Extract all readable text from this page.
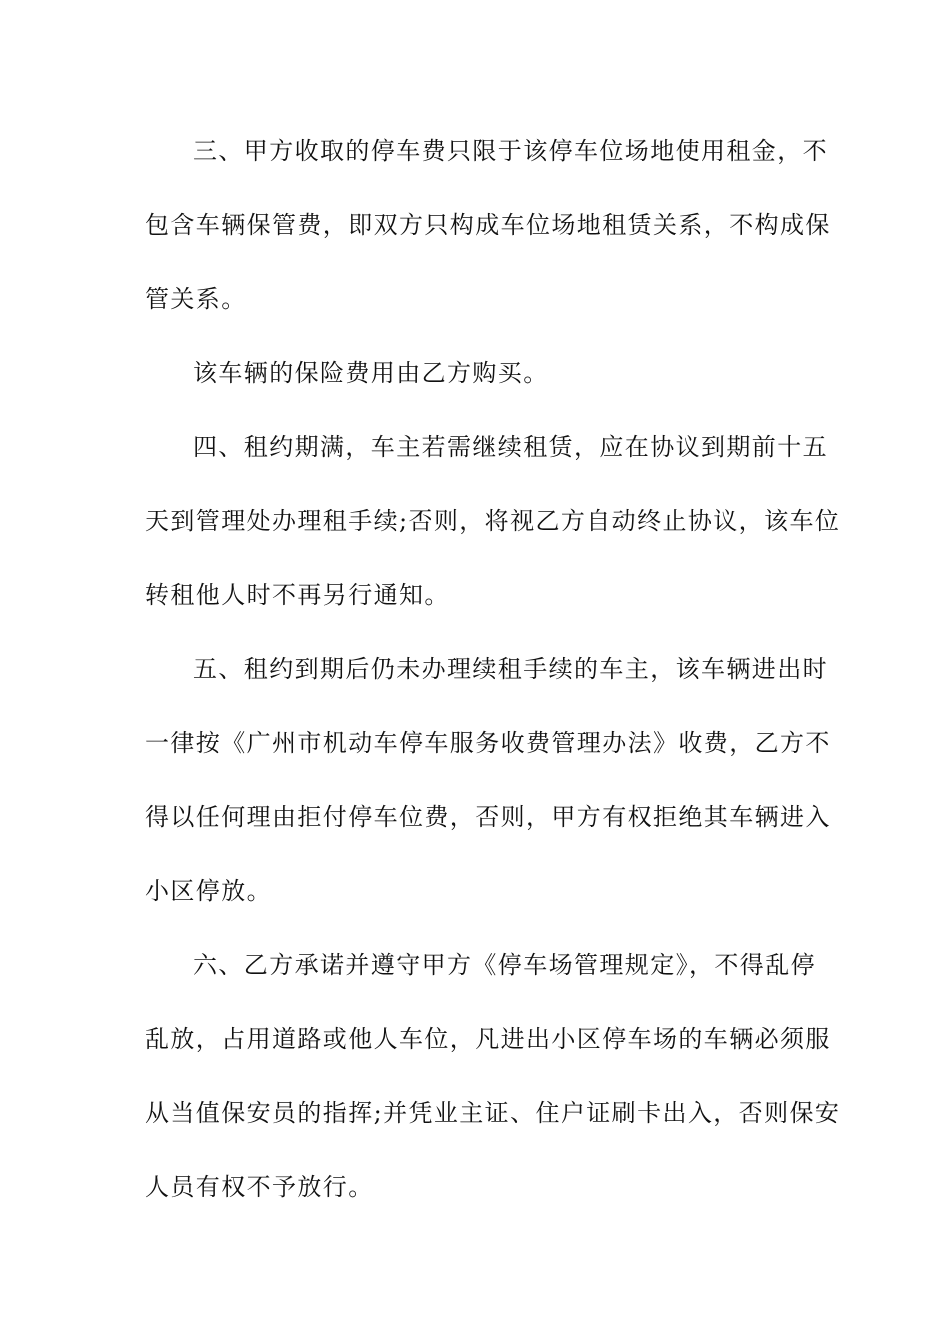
三、甲方收取的停车费只限于该停车位场地使用租金，不
包含车辆保管费，即双方只构成车位场地租赁关系，不构成保
管关系。
该车辆的保险费用由乙方购买。
四、租约期满，车主若需继续租赁，应在协议到期前十五
天到管理处办理租手续;否则，将视乙方自动终止协议，该车位
转租他人时不再另行通知。
五、租约到期后仍未办理续租手续的车主，该车辆进出时
一律按《广州市机动车停车服务收费管理办法》收费，乙方不
得以任何理由拒付停车位费，否则，甲方有权拒绝其车辆进入
小区停放。
六、乙方承诺并遵守甲方《停车场管理规定》，不得乱停
乱放，占用道路或他人车位，凡进出小区停车场的车辆必须服
从当值保安员的指挥;并凭业主证、住户证刷卡出入，否则保安
人员有权不予放行。
